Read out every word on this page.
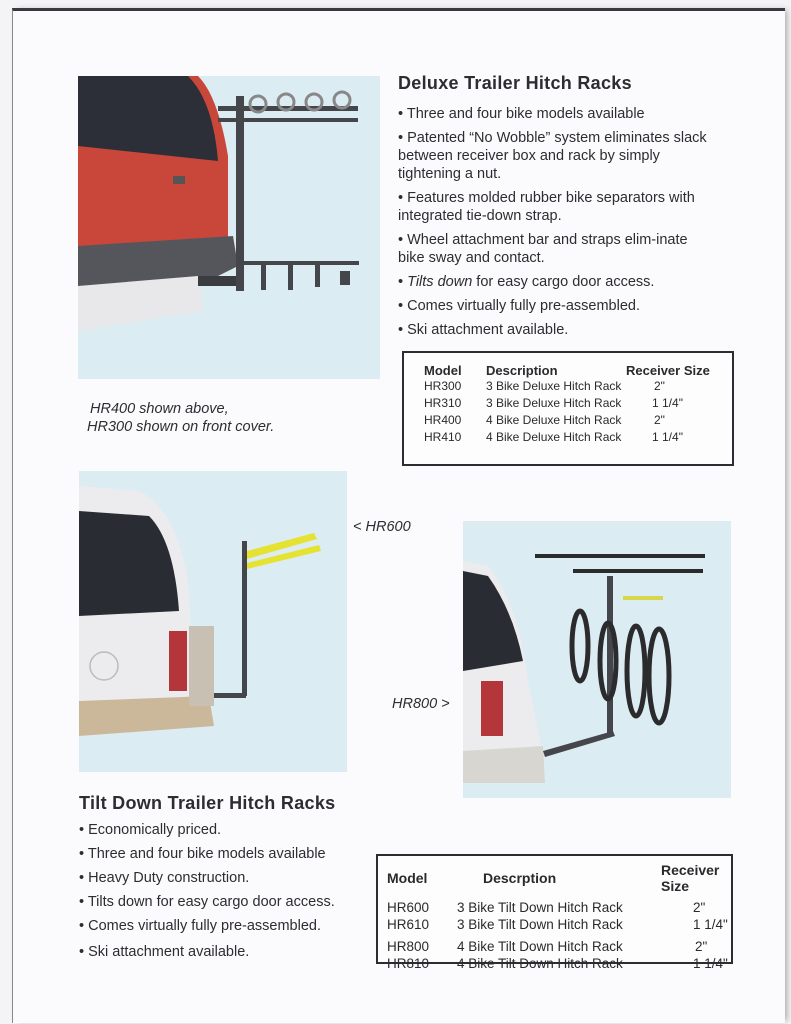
Deluxe Trailer Hitch Racks
• Three and four bike models available
• Patented “No Wobble” system eliminates slack between receiver box and rack by simply tightening a nut.
• Features molded rubber bike separators with integrated tie-down strap.
• Wheel attachment bar and straps elim-inate bike sway and contact.
• Tilts down for easy cargo door access.
• Comes virtually fully pre-assembled.
• Ski attachment available.
HR400 shown above,
HR300 shown on front cover.
Model	Description	Receiver Size
HR300	3 Bike Deluxe Hitch Rack	2"
HR310	3 Bike Deluxe Hitch Rack	1 1/4"
HR400	4 Bike Deluxe Hitch Rack	2"
HR410	4 Bike Deluxe Hitch Rack	1 1/4"
< HR600
HR800 >
Tilt Down Trailer Hitch Racks
• Economically priced.
• Three and four bike models available
• Heavy Duty construction.
• Tilts down for easy cargo door access.
• Comes virtually fully pre-assembled.
• Ski attachment available.
Model	Descrption	Receiver Size
HR600	3 Bike Tilt Down Hitch Rack	2"
HR610	3 Bike Tilt Down Hitch Rack	1 1/4"
HR800	4 Bike Tilt Down Hitch Rack	2"
HR810	4 Bike Tilt Down Hitch Rack	1 1/4"
